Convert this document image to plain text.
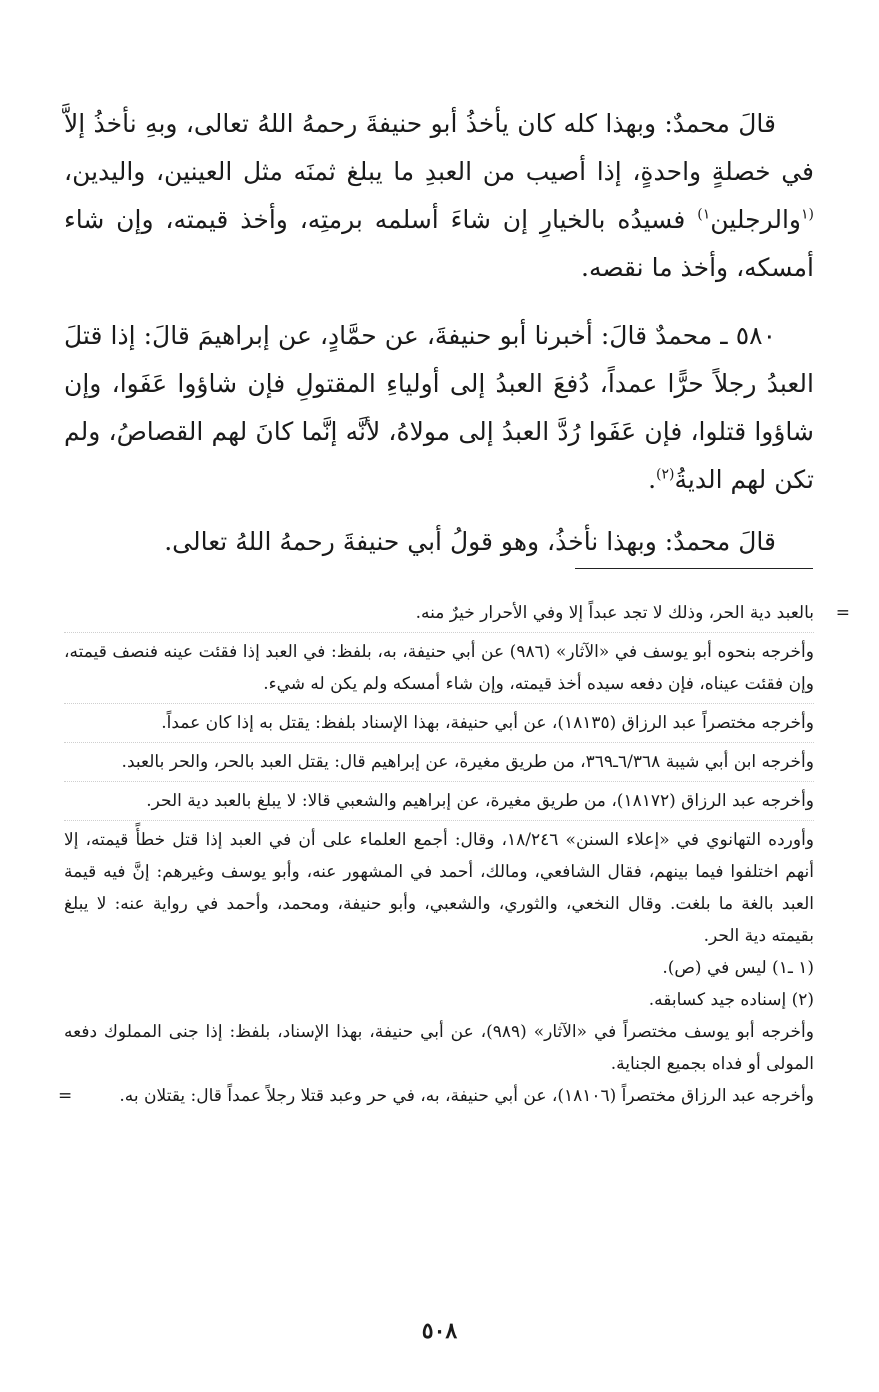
قالَ محمدٌ: وبهذا كله كان يأخذُ أبو حنيفةَ رحمهُ اللهُ تعالى، وبهِ نأخذُ إلاَّ في خصلةٍ واحدةٍ، إذا أصيب من العبدِ ما يبلغ ثمنَه مثل العينين، واليدين، $^{(١}$والرجلين$^{١)}$ فسيدُه بالخيارِ إن شاءَ أسلمه برمتِه، وأخذ قيمته، وإن شاء أمسكه، وأخذ ما نقصه.

٥٨٠ ـ محمدٌ قالَ: أخبرنا أبو حنيفةَ، عن حمَّادٍ، عن إبراهيمَ قالَ: إذا قتلَ العبدُ رجلاً حرًّا عمداً، دُفعَ العبدُ إلى أولياءِ المقتولِ فإن شاؤوا عَفَوا، وإن شاؤوا قتلوا، فإن عَفَوا رُدَّ العبدُ إلى مولاهُ، لأنَّه إنَّما كانَ لهم القصاصُ، ولم تكن لهم الديةُ$^{(٢)}$.

قالَ محمدٌ: وبهذا نأخذُ، وهو قولُ أبي حنيفةَ رحمهُ اللهُ تعالى.

=
بالعبد دية الحر، وذلك لا تجد عبداً إلا وفي الأحرار خيرٌ منه.
وأخرجه بنحوه أبو يوسف في «الآثار» (٩٨٦) عن أبي حنيفة، به، بلفظ: في العبد إذا فقئت عينه فنصف قيمته، وإن فقئت عيناه، فإن دفعه سيده أخذ قيمته، وإن شاء أمسكه ولم يكن له شيء.
وأخرجه مختصراً عبد الرزاق (١٨١٣٥)، عن أبي حنيفة، بهذا الإسناد بلفظ: يقتل به إذا كان عمداً.
وأخرجه ابن أبي شيبة ٦/٣٦٨ـ٣٦٩، من طريق مغيرة، عن إبراهيم قال: يقتل العبد بالحر، والحر بالعبد.
وأخرجه عبد الرزاق (١٨١٧٢)، من طريق مغيرة، عن إبراهيم والشعبي قالا: لا يبلغ بالعبد دية الحر.
وأورده التهانوي في «إعلاء السنن» ١٨/٢٤٦، وقال: أجمع العلماء على أن في العبد إذا قتل خطأً قيمته، إلا أنهم اختلفوا فيما بينهم، فقال الشافعي، ومالك، أحمد في المشهور عنه، وأبو يوسف وغيرهم: إنَّ فيه قيمة العبد بالغة ما بلغت. وقال النخعي، والثوري، والشعبي، وأبو حنيفة، ومحمد، وأحمد في رواية عنه: لا يبلغ بقيمته دية الحر.
(١ ـ١) ليس في (ص).
(٢) إسناده جيد كسابقه.
وأخرجه أبو يوسف مختصراً في «الآثار» (٩٨٩)، عن أبي حنيفة، بهذا الإسناد، بلفظ: إذا جنى المملوك دفعه المولى أو فداه بجميع الجناية.
وأخرجه عبد الرزاق مختصراً (١٨١٠٦)، عن أبي حنيفة، به، في حر وعبد قتلا رجلاً عمداً قال: يقتلان به.
=
٥٠٨
